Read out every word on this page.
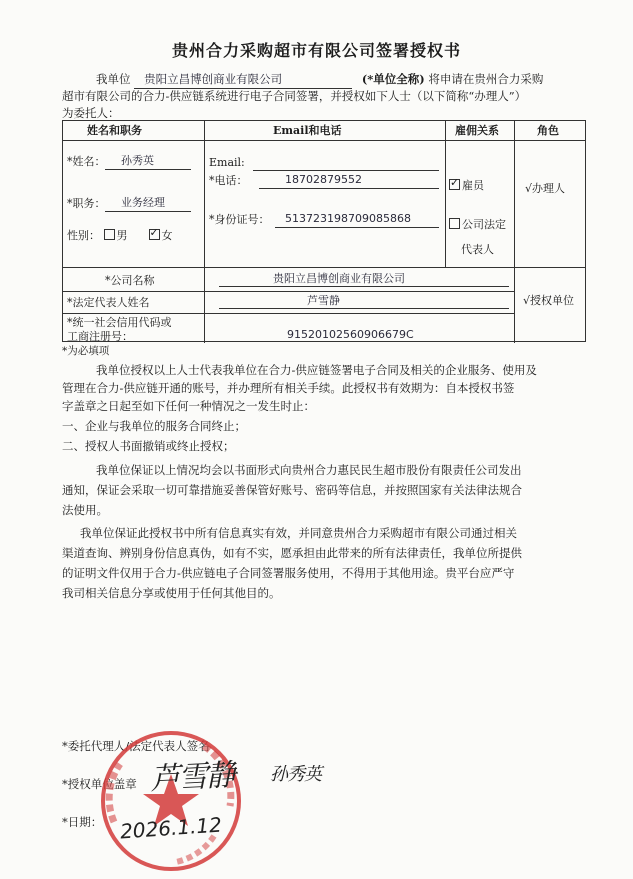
贵州合力采购超市有限公司签署授权书
我单位 贵阳立昌博创商业有限公司	(*单位全称) 将申请在贵州合力采购
超市有限公司的合力-供应链系统进行电子合同签署，并授权如下人士（以下简称“办理人”）
为委托人：
姓名和职务	Email和电话	雇佣关系	角色
*姓名： 孙秀英
*职务： 业务经理
性别： 男  ✓	女
Email:
*电话：	18702879552
*身份证号： 513723198709085868
✓雇员
公司法定
代表人
√办理人
*公司名称	贵阳立昌博创商业有限公司
*法定代表人姓名	芦雪静
*统一社会信用代码或
工商注册号：	91520102560906679C
√授权单位
*为必填项
我单位授权以上人士代表我单位在合力-供应链签署电子合同及相关的企业服务、使用及
管理在合力-供应链开通的账号，并办理所有相关手续。此授权书有效期为：自本授权书签
字盖章之日起至如下任何一种情况之一发生时止：
一、企业与我单位的服务合同终止；
二、授权人书面撤销或终止授权；
我单位保证以上情况均会以书面形式向贵州合力惠民民生超市股份有限责任公司发出
通知，保证会采取一切可靠措施妥善保管好账号、密码等信息，并按照国家有关法律法规合
法使用。
我单位保证此授权书中所有信息真实有效，并同意贵州合力采购超市有限公司通过相关
渠道查询、辨别身份信息真伪，如有不实，愿承担由此带来的所有法律责任，我单位所提供
的证明文件仅用于合力-供应链电子合同签署服务使用，不得用于其他用途。贵平台应严守
我司相关信息分享或使用于任何其他目的。
*委托代理人/法定代表人签名
*授权单位盖章
*日期：
芦雪静 孙秀英
2026.1.12
